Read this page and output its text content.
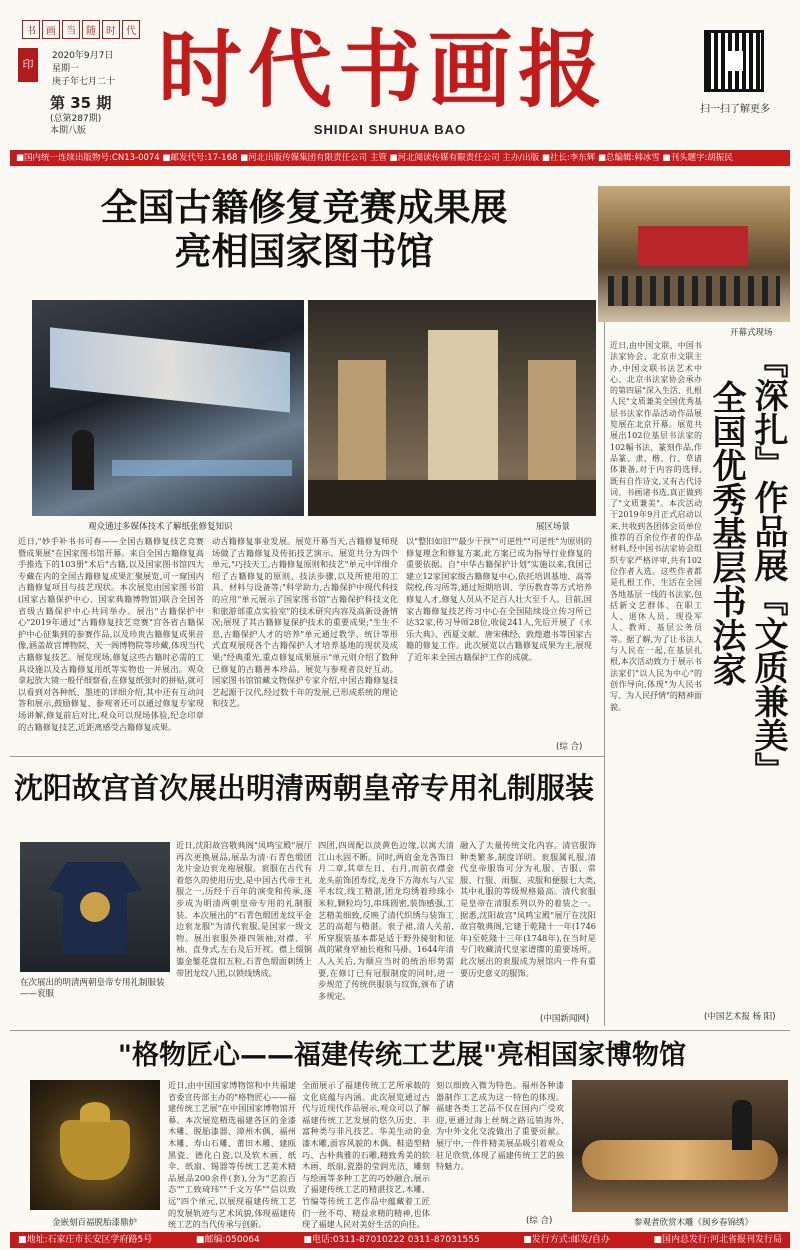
书	画	当	随	时	代
印
2020年9月7日
星期一
庚子年七月二十
第 35 期
(总第287期)
本期八版
时代书画报
SHIDAI SHUHUA BAO
扫一扫了解更多
■国内统一连续出版物号:CN13-0074 ■邮发代号:17-168 ■河北出版传媒集团有限责任公司 主管 ■河北阅读传媒有限责任公司 主办/出版 ■社长:李东辉 ■总编辑:韩冰雪 ■刊头题字:胡振民
全国古籍修复竞赛成果展
亮相国家图书馆
观众通过多媒体技术了解纸张修复知识	展区场景
近日,"妙手补书书可春——全国古籍修复技艺竞赛暨成果展"在国家图书馆开幕。来自全国古籍修复高手推选下的103册"术后"古籍,以及国家图书馆四大专藏在内的全国古籍修复成果汇聚展览,可一窥国内古籍修复项目与技艺现状。本次展览由国家图书馆(国家古籍保护中心、国家典籍博物馆)联合全国各省级古籍保护中心共同举办。展出"古籍保护中心"2019年通过"古籍修复技艺竞赛"宫各省古籍保护中心征集到的参赛作品,以及珍贵古籍修复成果音像,涵盖故宫博物院、天一阁博物院等珍藏,体现当代古籍修复技艺。展览现场,修复这些古籍时必需的工具设施以及古籍修复用纸等实物也一并展出。观众拿起放大镜一般仔细察看,在修复纸张时的拼贴,就可以看到对各种纸、墨迹的详细介绍,其中还有互动问答和展示,鼓励修复、参观者还可以通过修复专家现场讲解,修复前后对比,观众可以现场体验,纪念印章的古籍修复技艺,近距离感受古籍修复成果。
动古籍修复事业发展。展览开幕当天,古籍修复师现场做了古籍修复及传拓技艺演示。展览共分为四个单元,"巧技天工,古籍修复原则和技艺"单元中详细介绍了古籍修复的原则、技法步骤,以及所使用的工具、材料与设备等;"科学助力,古籍保护中现代科技的应用"单元展示了国家图书馆"古籍保护科技文化和旅游部重点实验室"的技术研究内容及高新设备情况;展现了其古籍修复保护技术的重要成果;"生生不息,古籍保护人才的培养"单元通过教学、统计等形式直观展现各个古籍保护人才培养基地的现状及成果;"经典重光,重点修复成果展示"单元则介绍了数种已修复的古籍善本珍品。展览与参观者良好互动。国家图书馆馆藏文物保护专家介绍,中国古籍修复技艺起源于汉代,经过数千年的发展,已形成系统的理论和技艺。
以"整旧如旧""最少干预""可逆性""可逆性"为原则的修复理念和修复方案,此方案已成为指导行业修复的重要依据。自"中华古籍保护计划"实施以来,我国已建立12家国家级古籍修复中心,依托培训基地、高等院校,传习所等,通过短期培训、学历教育等方式培养修复人才,修复人员从不足百人壮大至千人。目前,国家古籍修复技艺传习中心在全国陆续设立传习所已达32家,传习导师28位,收徒241人,先后开展了《永乐大典》、西夏文献、唐宋佛经、敦煌遗书等国家古籍的修复工作。此次展览以古籍修复成果为主,展现了近年来全国古籍保护工作的成就。
(综 合)
开幕式现场
近日,由中国文联、中国书法家协会、北京市文联主办,中国文联书法艺术中心、北京书法家协会承办的第四届"深入生活、扎根人民"文质兼美全国优秀基层书法家作品活动作品展览展在北京开幕。展览共展出102位基层书法家的102幅书法、篆刻作品,作品篆、隶、楷、行、草诸体兼备,对于内容的选择,既有自作诗文,又有古代诗词、书画诸书选,真正做到了"文质兼美"。本次活动于2019年9月正式启动以来,共收到各团体会员单位推荐的百余位作者的作品材料,经中国书法家协会组织专家严格评审,共有102位作者入选。这些作者都是扎根工作、生活在全国各地基层一线的书法家,包括新文艺群体、在职工人、退休人员、现役军人、教师、基层公务员等。据了解,为了让书法人与人民在一起,在基层扎根,本次活动致力于展示书法家们"以人民为中心"的创作导向,体现"为人民书写、为人民抒情"的精神面貌。	『深扎』作品展『文质兼美』
全国优秀基层书法家
(中国艺术报 杨 阳)
沈阳故宫首次展出明清两朝皇帝专用礼制服装
在次展出的明清两朝皇帝专用礼制服装——衮服
近日,沈阳故宫敬典阁"凤鸣宝殿"展厅再次更换展品,展品为清·石青色缎团龙片金边衮龙袍展服。衮服在古代有着悠久的使用历史,是中国古代帝王礼服之一,历经千百年的演变和传承,逐步成为明清两朝皇帝专用的礼制服装。本次展出的"石青色缎团龙纹平金边衮龙服"为清代衮服,是国家一级文物。展出衮服外褂四领袖,对襟、平袖、直身式,左右及后开衩。襟上缀铜鎏金錾花盘扣五粒,石青色缎面刺绣上带团龙纹八团,以锁线绣成。
四团,四周配以淡黄色边缘,以寓大清江山永固不断。同时,两肩金龙各饰日月二章,其章左日、右月,而前衣襟金龙头前饰团寿纹,龙身下方海水与八宝平水纹,线工精湛,团龙均绣着珍珠小米粒,颗粒均匀,串珠圆密,装饰感强,工艺精美细致,反映了清代织绣与装饰工艺的高超与精湛。衮子裙,清人关前,所穿服装基本都是适于野外骑射和征战的紧身窄袖长袍和马褂。1644年清人入关后,为顺应当时的统治形势需要,在修订已有冠服制度的同时,进一步规范了传统供服装与纹饰,颁布了诸多规定。
融入了大量传统文化内容。清官服饰种类繁多,制度详明。衮服属礼服,清代皇帝服饰可分为礼服、吉服、常服、行服、雨服、戎服和便服七大类,其中礼服的等级规格最高。清代衮服是皇帝在清服系列以外的着装之一。据悉,沈阳故宫"凤鸣宝殿"展厅在沈阳故宫敬典阁,它建于乾隆十一年(1746年)至乾隆十三年(1748年),在当时是专门收藏清代皇家谱牒的重要场所。此次展出的衮服成为展馆内一件有重要历史意义的服饰。
(中国新闻网)
"格物匠心——福建传统工艺展"亮相国家博物馆
金嵌刻百福脱胎漆鼎炉
近日,由中国国家博物馆和中共福建省委宣传部主办的"格物匠心——福建传统工艺展"在中国国家博物馆开幕。本次展览精选福建各区的金漆木雕、脱胎漆器、漳州木偶、福州木雕、寿山石雕、莆田木雕、建瓯黑瓷、德化白瓷,以及软木画、纸伞、纸扇、锡器等传统工艺美术精品展品200余件(套),分为"艺韵百态""工致琦玮""千文万华""信以致远"四个单元,以展现福建传统工艺的发展轨迹与艺术风貌,体现福建传统工艺的当代传承与创新。
全面展示了福建传统工艺所承载的文化底蕴与内涵。此次展览通过古代与近现代作品展示,观众可以了解福建传统工艺发展的悠久历史、丰富种类与非凡技艺。华美生动的金漆木雕,面容风貌的木偶、鞋造型精巧、古朴典雅的石雕,精致秀美的软木画、纸扇,瓷器的莹润光洁、雕刻与绘画等多种工艺的巧妙融合,展示了福建传统工艺的精湛技艺,木雕、竹编等传统工艺作品中蕴藏着工匠们一丝不苟、精益求精的精神,也体现了福建人民对美好生活的向往。
刻以细致入微为特色。福州各种漆器制作工艺成为这一特色的体现。福建各类工艺品不仅在国内广受欢迎,更通过海上丝绸之路远销海外,为中外文化交流做出了重要贡献。展厅中,一件件精美展品吸引着观众驻足欣赏,体现了福建传统工艺的独特魅力。
(综 合)	参观者欣赏木雕《闽乡春锦绣》
■地址:石家庄市长安区学府路5号	■邮编:050064	■电话:0311-87010222 0311-87031555	■发行方式:邮发/自办	■国内总发行:河北省报刊发行局
